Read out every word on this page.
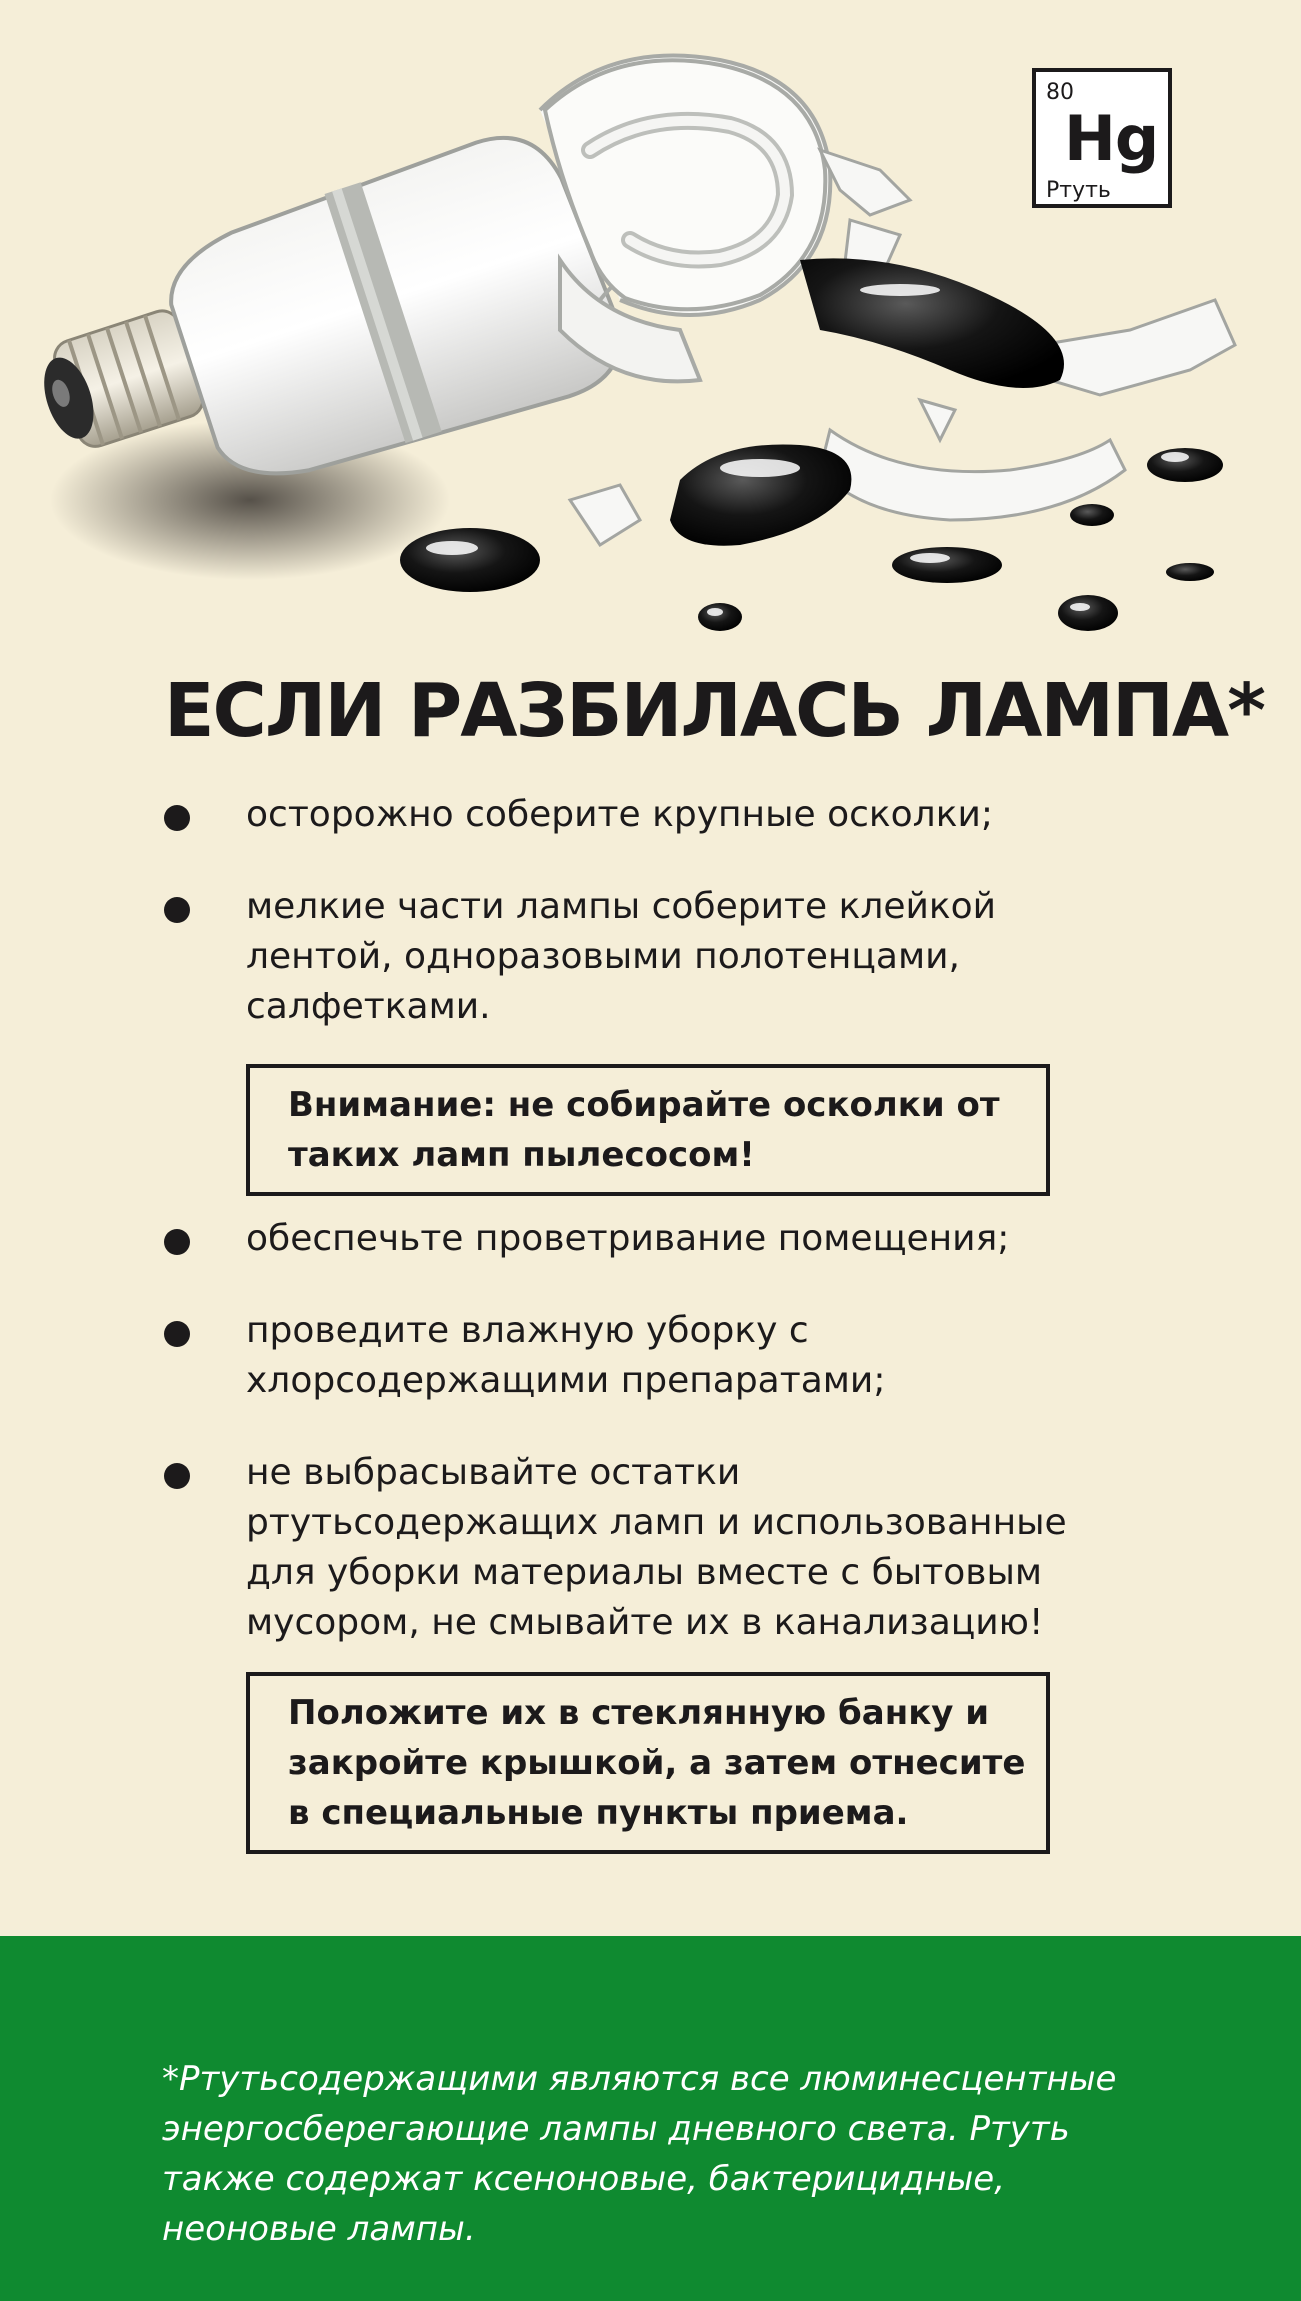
80
Hg
Ртуть
ЕСЛИ РАЗБИЛАСЬ ЛАМПА*
осторожно соберите крупные осколки;
мелкие части лампы соберите клейкой лентой, одноразовыми полотенцами, салфетками.
Внимание: не собирайте осколки от таких ламп пылесосом!
обеспечьте проветривание помещения;
проведите влажную уборку с хлорсодержащими препаратами;
не выбрасывайте остатки ртутьсодержащих ламп и использованные для уборки материалы вместе с бытовым мусором, не смывайте их в канализацию!
Положите их в стеклянную банку и закройте крышкой, а затем отнесите в специальные пункты приема.

*Ртутьсодержащими являются все люминесцентные энергосберегающие лампы дневного света. Ртуть также содержат ксеноновые, бактерицидные, неоновые лампы.
